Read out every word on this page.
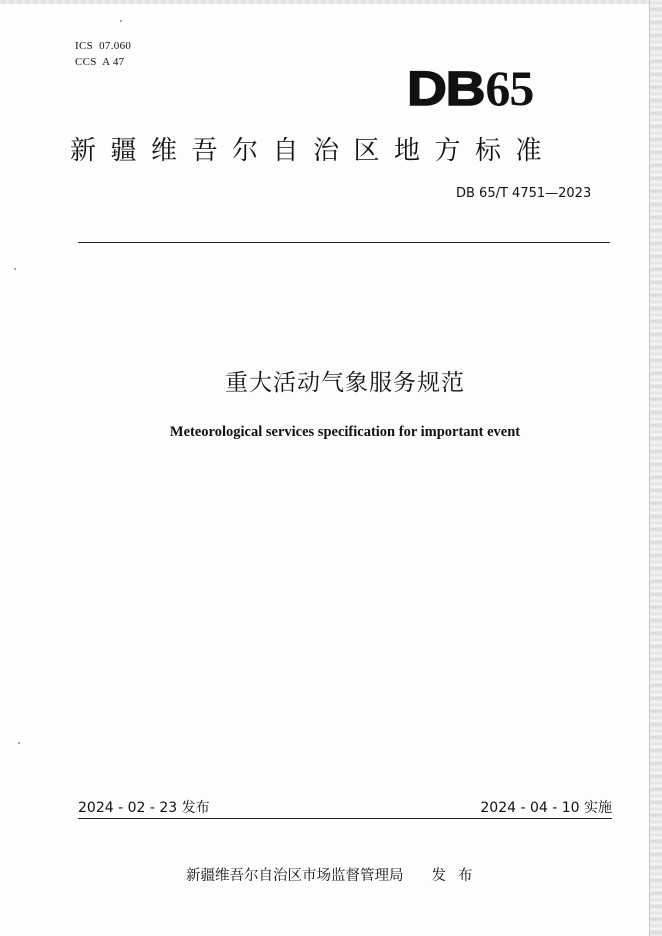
ICS  07.060
CCS  A 47
DB65
新疆维吾尔自治区地方标准
DB 65/T 4751—2023
重大活动气象服务规范
Meteorological services specification for important event
2024 - 02 - 23 发布	2024 - 04 - 10 实施
新疆维吾尔自治区市场监督管理局 发布
